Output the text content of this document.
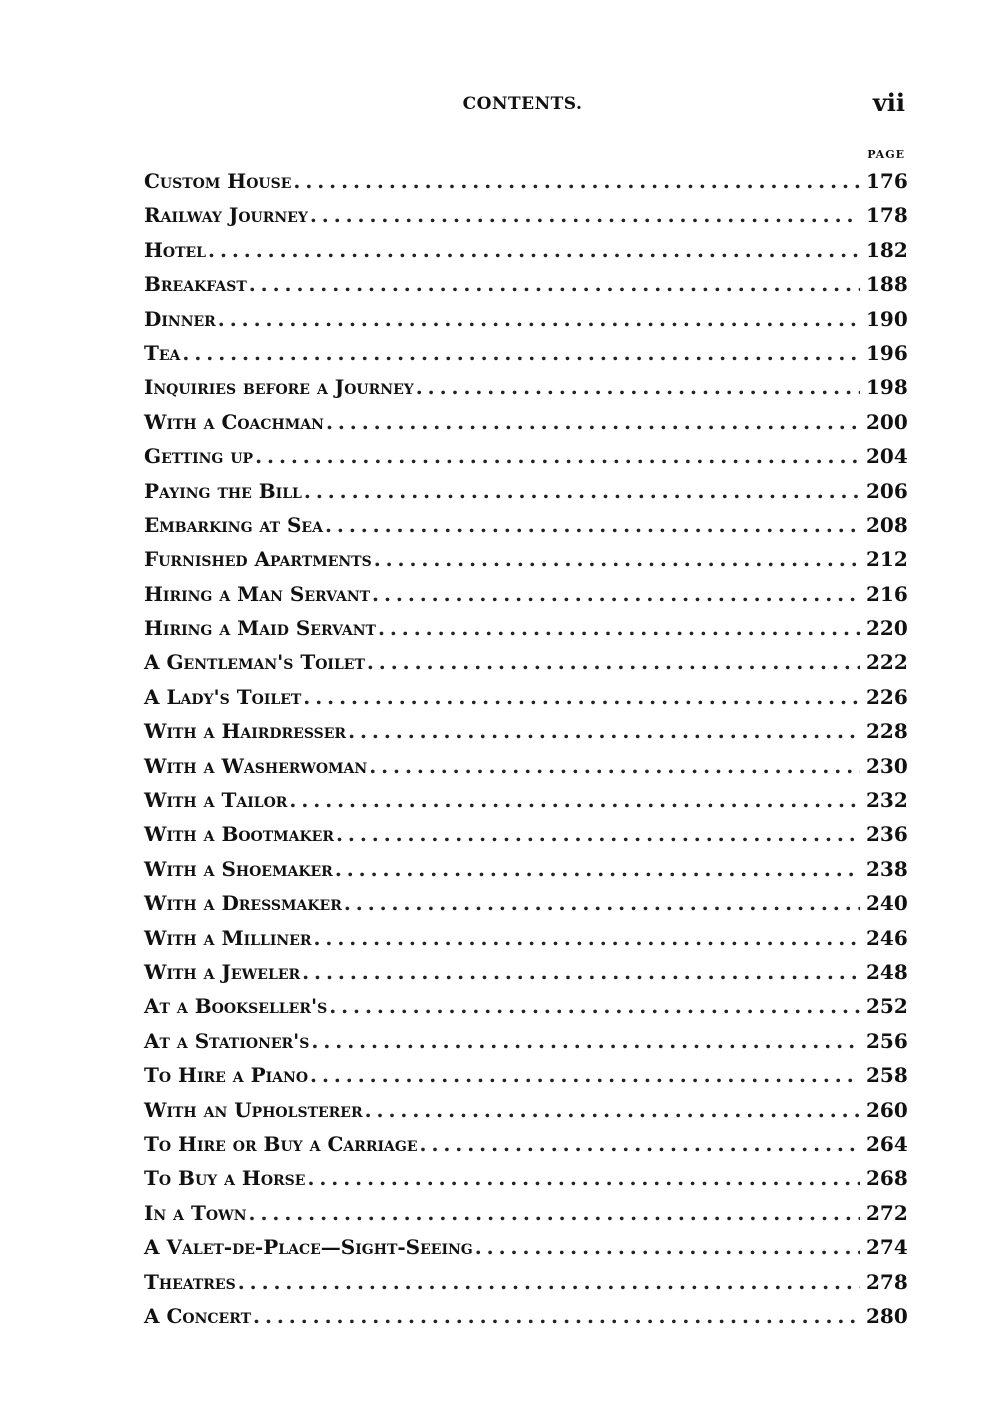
CONTENTS.	vii
PAGE
Custom House . . .	176
Railway Journey . . .	178
Hotel . . .	182
Breakfast . . .	188
Dinner . . .	190
Tea . . .	196
Inquiries before a Journey . . .	198
With a Coachman . . .	200
Getting up . . .	204
Paying the Bill . . .	206
Embarking at Sea . . .	208
Furnished Apartments . . .	212
Hiring a Man Servant . . .	216
Hiring a Maid Servant . . .	220
A Gentleman's Toilet . . .	222
A Lady's Toilet . . .	226
With a Hairdresser . . .	228
With a Washerwoman . . .	230
With a Tailor . . .	232
With a Bootmaker . . .	236
With a Shoemaker . . .	238
With a Dressmaker . . .	240
With a Milliner . . .	246
With a Jeweler . . .	248
At a Bookseller's . . .	252
At a Stationer's . . .	256
To Hire a Piano . . .	258
With an Upholsterer . . .	260
To Hire or Buy a Carriage . . .	264
To Buy a Horse . . .	268
In a Town . . .	272
A Valet-de-Place—Sight-Seeing . . .	274
Theatres . . .	278
A Concert . . .	280
